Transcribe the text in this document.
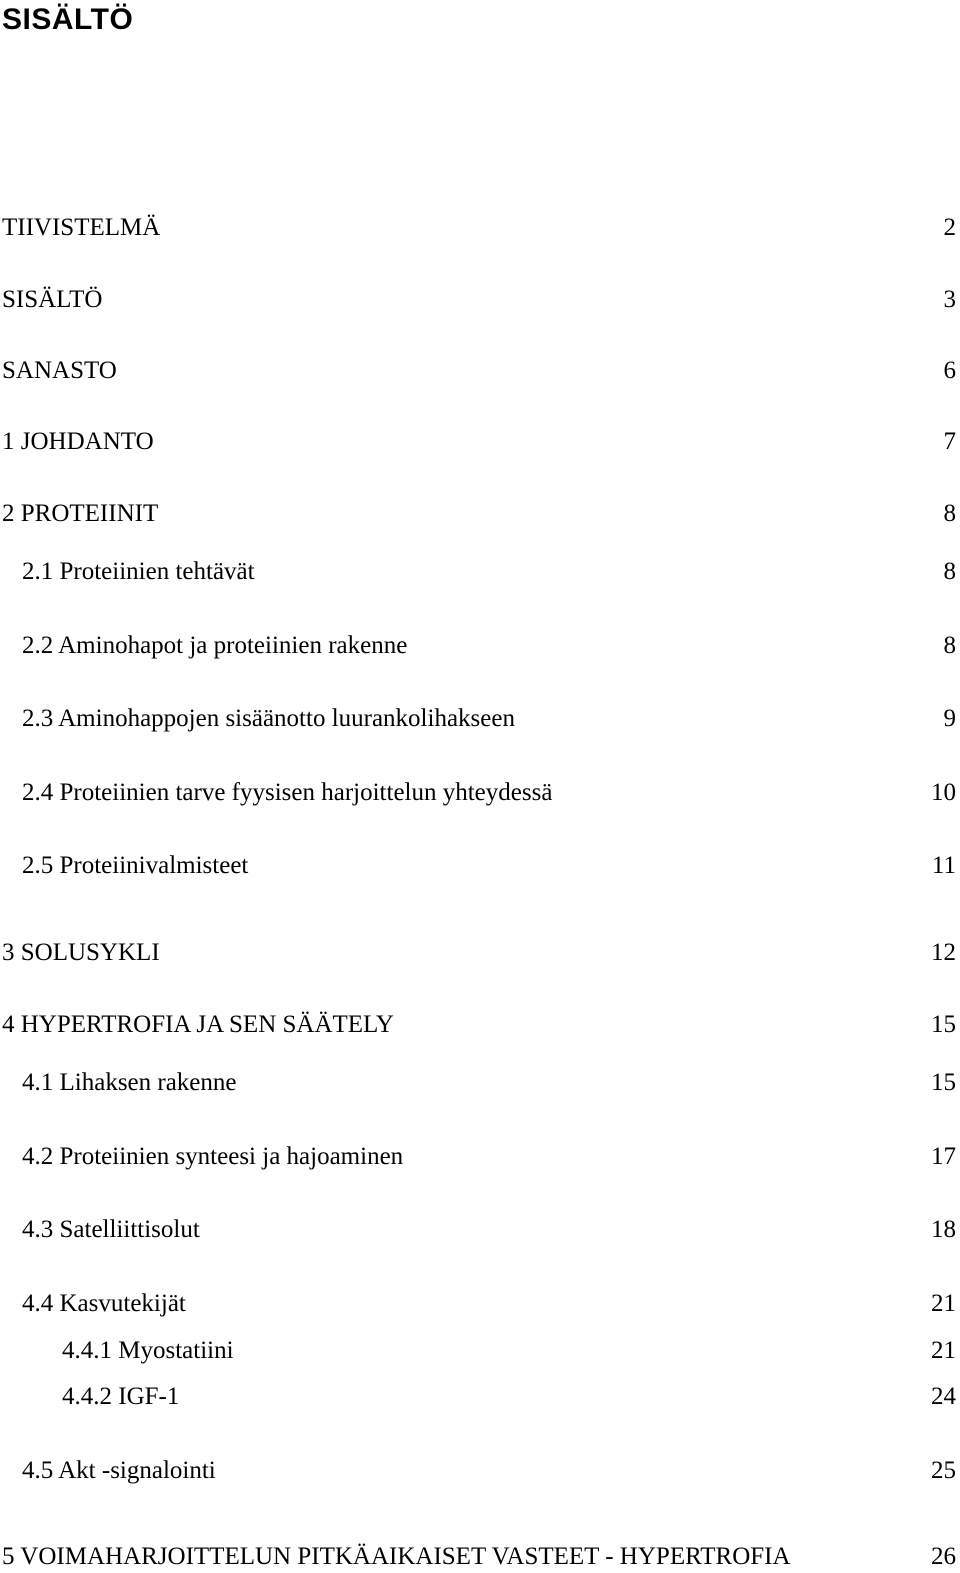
SISÄLTÖ
TIIVISTELMÄ	2
SISÄLTÖ	3
SANASTO	6
1 JOHDANTO	7
2 PROTEIINIT	8
2.1 Proteiinien tehtävät	8
2.2 Aminohapot ja proteiinien rakenne	8
2.3 Aminohappojen sisäänotto luurankolihakseen	9
2.4 Proteiinien tarve fyysisen harjoittelun yhteydessä	10
2.5 Proteiinivalmisteet	11
3 SOLUSYKLI	12
4 HYPERTROFIA JA SEN SÄÄTELY	15
4.1 Lihaksen rakenne	15
4.2 Proteiinien synteesi ja hajoaminen	17
4.3 Satelliittisolut	18
4.4 Kasvutekijät	21
4.4.1 Myostatiini	21
4.4.2 IGF-1	24
4.5 Akt -signalointi	25
5 VOIMAHARJOITTELUN PITKÄAIKAISET VASTEET - HYPERTROFIA	26
